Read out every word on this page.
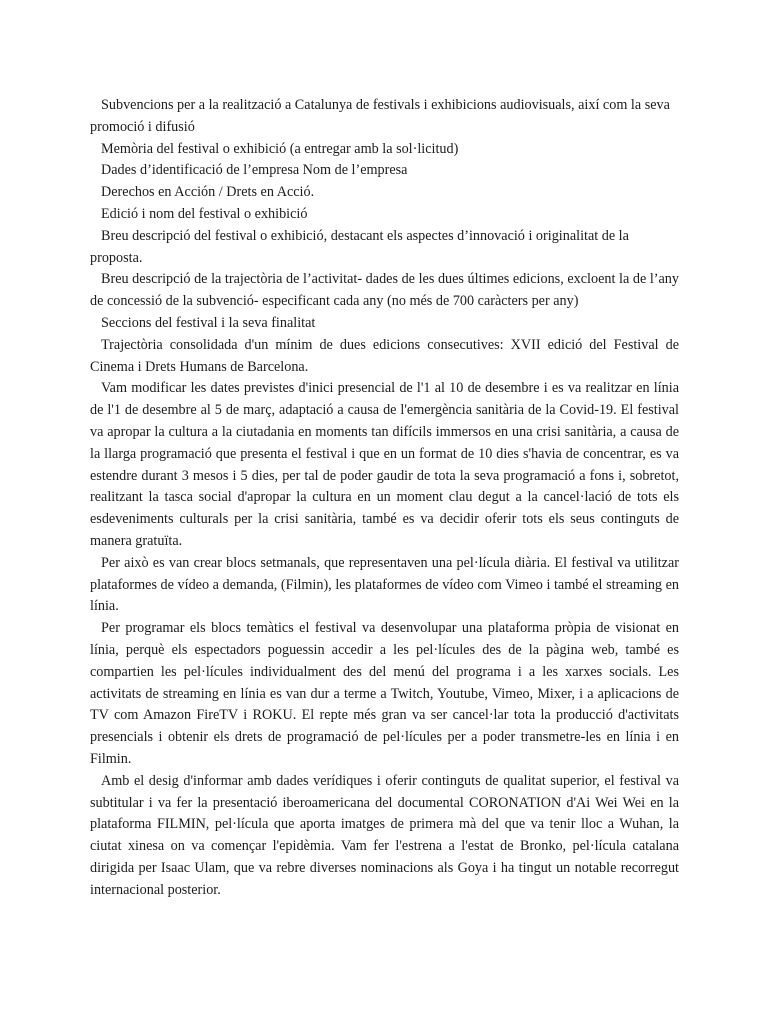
Subvencions per a la realització a Catalunya de festivals i exhibicions audiovisuals, així com la seva promoció i difusió

Memòria del festival o exhibició (a entregar amb la sol·licitud)

Dades d’identificació de l’empresa Nom de l’empresa

Derechos en Acción / Drets en Acció.

Edició i nom del festival o exhibició

Breu descripció del festival o exhibició, destacant els aspectes d’innovació i originalitat de la proposta.

Breu descripció de la trajectòria de l’activitat- dades de les dues últimes edicions, excloent la de l’any de concessió de la subvenció- especificant cada any (no més de 700 caràcters per any)

Seccions del festival i la seva finalitat

Trajectòria consolidada d'un mínim de dues edicions consecutives: XVII edició del Festival de Cinema i Drets Humans de Barcelona.

Vam modificar les dates previstes d'inici presencial de l'1 al 10 de desembre i es va realitzar en línia de l'1 de desembre al 5 de març, adaptació a causa de l'emergència sanitària de la Covid-19. El festival va apropar la cultura a la ciutadania en moments tan difícils immersos en una crisi sanitària, a causa de la llarga programació que presenta el festival i que en un format de 10 dies s'havia de concentrar, es va estendre durant 3 mesos i 5 dies, per tal de poder gaudir de tota la seva programació a fons i, sobretot, realitzant la tasca social d'apropar la cultura en un moment clau degut a la cancel·lació de tots els esdeveniments culturals per la crisi sanitària, també es va decidir oferir tots els seus continguts de manera gratuïta.

Per això es van crear blocs setmanals, que representaven una pel·lícula diària. El festival va utilitzar plataformes de vídeo a demanda, (Filmin), les plataformes de vídeo com Vimeo i també el streaming en línia.

Per programar els blocs temàtics el festival va desenvolupar una plataforma pròpia de visionat en línia, perquè els espectadors poguessin accedir a les pel·lícules des de la pàgina web, també es compartien les pel·lícules individualment des del menú del programa i a les xarxes socials. Les activitats de streaming en línia es van dur a terme a Twitch, Youtube, Vimeo, Mixer, i a aplicacions de TV com Amazon FireTV i ROKU. El repte més gran va ser cancel·lar tota la producció d'activitats presencials i obtenir els drets de programació de pel·lícules per a poder transmetre-les en línia i en Filmin.

Amb el desig d'informar amb dades verídiques i oferir continguts de qualitat superior, el festival va subtitular i va fer la presentació iberoamericana del documental CORONATION d'Ai Wei Wei en la plataforma FILMIN, pel·lícula que aporta imatges de primera mà del que va tenir lloc a Wuhan, la ciutat xinesa on va començar l'epidèmia. Vam fer l'estrena a l'estat de Bronko, pel·lícula catalana dirigida per Isaac Ulam, que va rebre diverses nominacions als Goya i ha tingut un notable recorregut internacional posterior.
